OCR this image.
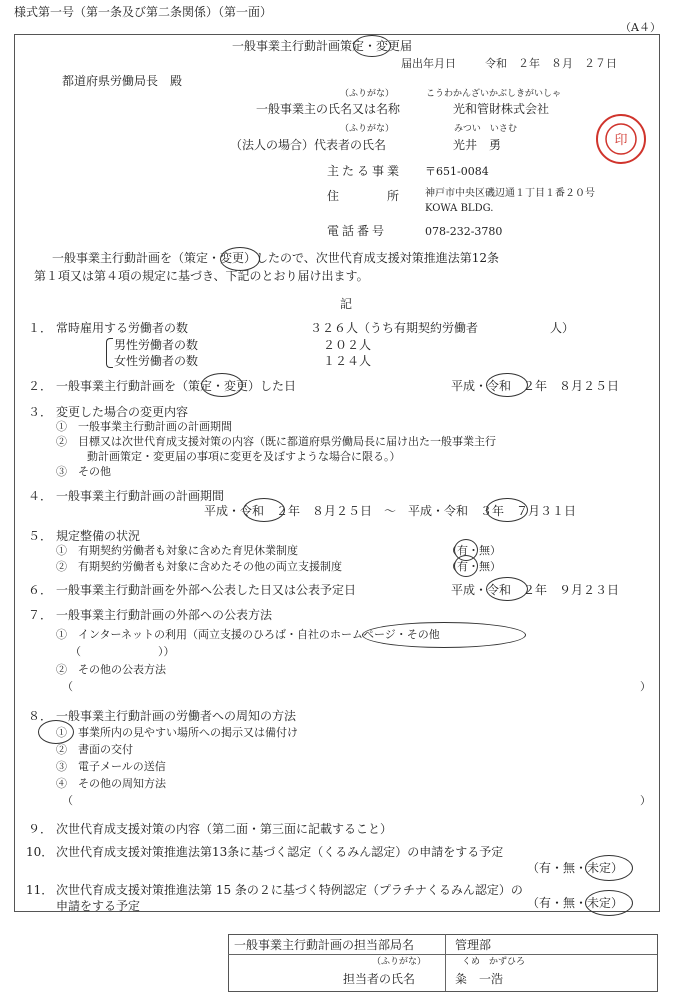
様式第一号（第一条及び第二条関係）（第一面）
（A４）
一般事業主行動計画策定・変更届
届出年月日	令和　２年　８月　２７日
都道府県労働局長　殿
（ふりがな）	こうわかんざいかぶしきがいしゃ
一般事業主の氏名又は名称	光和管財株式会社
（ふりがな）	みつい　いさむ
（法人の場合）代表者の氏名	光井　勇	印
主たる事業 〒651-0084
住　　　　所	神戸市中央区磯辺通１丁目１番２０号
KOWA BLDG.
電話番号	078-232-3780
一般事業主行動計画を（策定・変更）したので、次世代育成支援対策推進法第12条
第１項又は第４項の規定に基づき、下記のとおり届け出ます。
記
１． 常時雇用する労働者の数	３２６人（うち有期契約労働者　　　　　　人）
男性労働者の数	２０２人
女性労働者の数	１２４人
２． 一般事業主行動計画を（策定・変更）した日	平成・令和　２年　８月２５日
３． 変更した場合の変更内容
①　一般事業主行動計画の計画期間
②　目標又は次世代育成支援対策の内容（既に都道府県労働局長に届け出た一般事業主行
動計画策定・変更届の事項に変更を及ぼすような場合に限る。）
③　その他
４． 一般事業主行動計画の計画期間
平成・令和　２年　８月２５日　～　平成・令和　３年　７月３１日
５． 規定整備の状況
①　有期契約労働者も対象に含めた育児休業制度	（有・無）
②　有期契約労働者も対象に含めたその他の両立支援制度	（有・無）
６． 一般事業主行動計画を外部へ公表した日又は公表予定日	平成・令和　２年　９月２３日
７． 一般事業主行動計画の外部への公表方法
①　インターネットの利用（両立支援のひろば・自社のホームページ・その他
（　　　　　　　））
②　その他の公表方法
（	）
８． 一般事業主行動計画の労働者への周知の方法
①　事業所内の見やすい場所への掲示又は備付け
②　書面の交付
③　電子メールの送信
④　その他の周知方法
（	）
９． 次世代育成支援対策の内容（第二面・第三面に記載すること）
10． 次世代育成支援対策推進法第13条に基づく認定（くるみん認定）の申請をする予定
（有・無・未定）
11． 次世代育成支援対策推進法第 15 条の２に基づく特例認定（プラチナくるみん認定）の
申請をする予定	（有・無・未定）
一般事業主行動計画の担当部局名	管理部
（ふりがな）	くめ　かずひろ
担当者の氏名	粂　一浩
